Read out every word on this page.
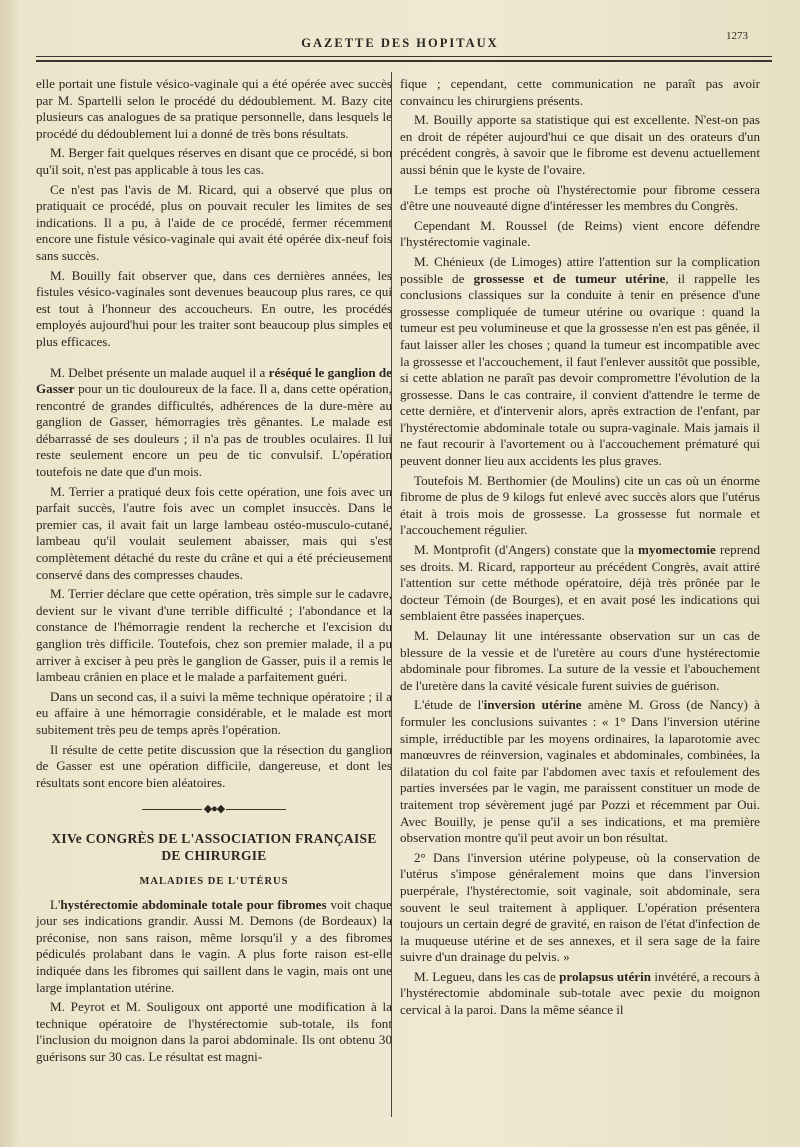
GAZETTE DES HOPITAUX	1273

elle portait une fistule vésico-vaginale qui a été opérée avec succès par M. Spartelli selon le procédé du dédoublement. M. Bazy cite plusieurs cas analogues de sa pratique personnelle, dans lesquels le procédé du dédoublement lui a donné de très bons résultats.

M. Berger fait quelques réserves en disant que ce procédé, si bon qu'il soit, n'est pas applicable à tous les cas.

Ce n'est pas l'avis de M. Ricard, qui a observé que plus on pratiquait ce procédé, plus on pouvait reculer les limites de ses indications. Il a pu, à l'aide de ce procédé, fermer récemment encore une fistule vésico-vaginale qui avait été opérée dix-neuf fois sans succès.

M. Bouilly fait observer que, dans ces dernières années, les fistules vésico-vaginales sont devenues beaucoup plus rares, ce qui est tout à l'honneur des accoucheurs. En outre, les procédés employés aujourd'hui pour les traiter sont beaucoup plus simples et plus efficaces.

M. Delbet présente un malade auquel il a réséqué le ganglion de Gasser pour un tic douloureux de la face. Il a, dans cette opération, rencontré de grandes difficultés, adhérences de la dure-mère au ganglion de Gasser, hémorragies très gênantes. Le malade est débarrassé de ses douleurs ; il n'a pas de troubles oculaires. Il lui reste seulement encore un peu de tic convulsif. L'opération toutefois ne date que d'un mois.

M. Terrier a pratiqué deux fois cette opération, une fois avec un parfait succès, l'autre fois avec un complet insuccès. Dans le premier cas, il avait fait un large lambeau ostéo-musculo-cutané, lambeau qu'il voulait seulement abaisser, mais qui s'est complètement détaché du reste du crâne et qui a été précieusement conservé dans des compresses chaudes.

M. Terrier déclare que cette opération, très simple sur le cadavre, devient sur le vivant d'une terrible difficulté ; l'abondance et la constance de l'hémorragie rendent la recherche et l'excision du ganglion très difficile. Toutefois, chez son premier malade, il a pu arriver à exciser à peu près le ganglion de Gasser, puis il a remis le lambeau crânien en place et le malade a parfaitement guéri.

Dans un second cas, il a suivi la même technique opératoire ; il a eu affaire à une hémorragie considérable, et le malade est mort subitement très peu de temps après l'opération.

Il résulte de cette petite discussion que la résection du ganglion de Gasser est une opération difficile, dangereuse, et dont les résultats sont encore bien aléatoires.

◆●◆
XIVe CONGRÈS DE L'ASSOCIATION FRANÇAISE
DE CHIRURGIE
MALADIES DE L'UTÉRUS

L'hystérectomie abdominale totale pour fibromes voit chaque jour ses indications grandir. Aussi M. Demons (de Bordeaux) la préconise, non sans raison, même lorsqu'il y a des fibromes pédiculés prolabant dans le vagin. A plus forte raison est-elle indiquée dans les fibromes qui saillent dans le vagin, mais ont une large implantation utérine.

M. Peyrot et M. Souligoux ont apporté une modification à la technique opératoire de l'hystérectomie sub-totale, ils font l'inclusion du moignon dans la paroi abdominale. Ils ont obtenu 30 guérisons sur 30 cas. Le résultat est magni-

fique ; cependant, cette communication ne paraît pas avoir convaincu les chirurgiens présents.

M. Bouilly apporte sa statistique qui est excellente. N'est-on pas en droit de répéter aujourd'hui ce que disait un des orateurs d'un précédent congrès, à savoir que le fibrome est devenu actuellement aussi bénin que le kyste de l'ovaire.

Le temps est proche où l'hystérectomie pour fibrome cessera d'être une nouveauté digne d'intéresser les membres du Congrès.

Cependant M. Roussel (de Reims) vient encore défendre l'hystérectomie vaginale.

M. Chénieux (de Limoges) attire l'attention sur la complication possible de grossesse et de tumeur utérine, il rappelle les conclusions classiques sur la conduite à tenir en présence d'une grossesse compliquée de tumeur utérine ou ovarique : quand la tumeur est peu volumineuse et que la grossesse n'en est pas gênée, il faut laisser aller les choses ; quand la tumeur est incompatible avec la grossesse et l'accouchement, il faut l'enlever aussitôt que possible, si cette ablation ne paraît pas devoir compromettre l'évolution de la grossesse. Dans le cas contraire, il convient d'attendre le terme de cette dernière, et d'intervenir alors, après extraction de l'enfant, par l'hystérectomie abdominale totale ou supra-vaginale. Mais jamais il ne faut recourir à l'avortement ou à l'accouchement prématuré qui peuvent donner lieu aux accidents les plus graves.

Toutefois M. Berthomier (de Moulins) cite un cas où un énorme fibrome de plus de 9 kilogs fut enlevé avec succès alors que l'utérus était à trois mois de grossesse. La grossesse fut normale et l'accouchement régulier.

M. Montprofit (d'Angers) constate que la myomectomie reprend ses droits. M. Ricard, rapporteur au précédent Congrès, avait attiré l'attention sur cette méthode opératoire, déjà très prônée par le docteur Témoin (de Bourges), et en avait posé les indications qui semblaient être passées inaperçues.

M. Delaunay lit une intéressante observation sur un cas de blessure de la vessie et de l'uretère au cours d'une hystérectomie abdominale pour fibromes. La suture de la vessie et l'abouchement de l'uretère dans la cavité vésicale furent suivies de guérison.

L'étude de l'inversion utérine amène M. Gross (de Nancy) à formuler les conclusions suivantes : « 1° Dans l'inversion utérine simple, irréductible par les moyens ordinaires, la laparotomie avec manœuvres de réinversion, vaginales et abdominales, combinées, la dilatation du col faite par l'abdomen avec taxis et refoulement des parties inversées par le vagin, me paraissent constituer un mode de traitement trop sévèrement jugé par Pozzi et récemment par Oui. Avec Bouilly, je pense qu'il a ses indications, et ma première observation montre qu'il peut avoir un bon résultat.

2° Dans l'inversion utérine polypeuse, où la conservation de l'utérus s'impose généralement moins que dans l'inversion puerpérale, l'hystérectomie, soit vaginale, soit abdominale, sera souvent le seul traitement à appliquer. L'opération présentera toujours un certain degré de gravité, en raison de l'état d'infection de la muqueuse utérine et de ses annexes, et il sera sage de la faire suivre d'un drainage du pelvis. »

M. Legueu, dans les cas de prolapsus utérin invétéré, a recours à l'hystérectomie abdominale sub-totale avec pexie du moignon cervical à la paroi. Dans la même séance il
